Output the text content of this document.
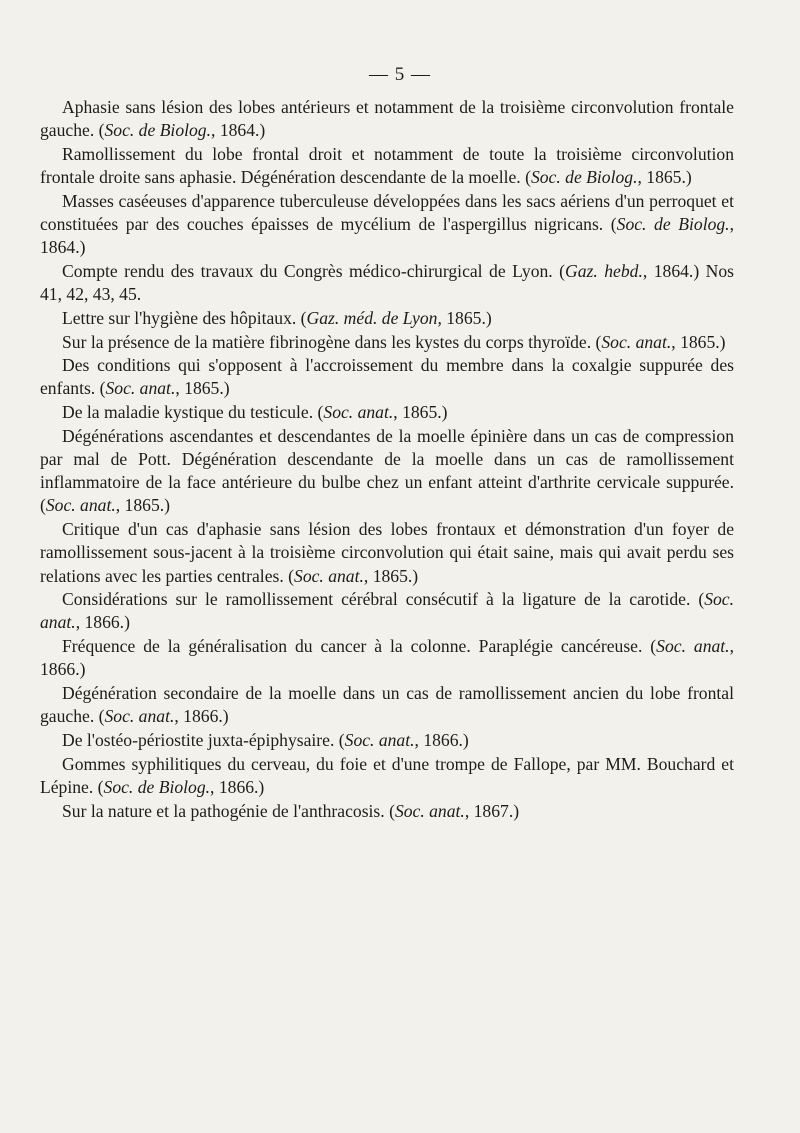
— 5 —

Aphasie sans lésion des lobes antérieurs et notamment de la troisième circonvolution frontale gauche. (Soc. de Biolog., 1864.)

Ramollissement du lobe frontal droit et notamment de toute la troisième circonvolution frontale droite sans aphasie. Dégénération descendante de la moelle. (Soc. de Biolog., 1865.)

Masses caséeuses d'apparence tuberculeuse développées dans les sacs aériens d'un perroquet et constituées par des couches épaisses de mycélium de l'aspergillus nigricans. (Soc. de Biolog., 1864.)

Compte rendu des travaux du Congrès médico-chirurgical de Lyon. (Gaz. hebd., 1864.) Nos 41, 42, 43, 45.

Lettre sur l'hygiène des hôpitaux. (Gaz. méd. de Lyon, 1865.)

Sur la présence de la matière fibrinogène dans les kystes du corps thyroïde. (Soc. anat., 1865.)

Des conditions qui s'opposent à l'accroissement du membre dans la coxalgie suppurée des enfants. (Soc. anat., 1865.)

De la maladie kystique du testicule. (Soc. anat., 1865.)

Dégénérations ascendantes et descendantes de la moelle épinière dans un cas de compression par mal de Pott. Dégénération descendante de la moelle dans un cas de ramollissement inflammatoire de la face antérieure du bulbe chez un enfant atteint d'arthrite cervicale suppurée. (Soc. anat., 1865.)

Critique d'un cas d'aphasie sans lésion des lobes frontaux et démonstration d'un foyer de ramollissement sous-jacent à la troisième circonvolution qui était saine, mais qui avait perdu ses relations avec les parties centrales. (Soc. anat., 1865.)

Considérations sur le ramollissement cérébral consécutif à la ligature de la carotide. (Soc. anat., 1866.)

Fréquence de la généralisation du cancer à la colonne. Paraplégie cancéreuse. (Soc. anat., 1866.)

Dégénération secondaire de la moelle dans un cas de ramollissement ancien du lobe frontal gauche. (Soc. anat., 1866.)

De l'ostéo-périostite juxta-épiphysaire. (Soc. anat., 1866.)

Gommes syphilitiques du cerveau, du foie et d'une trompe de Fallope, par MM. Bouchard et Lépine. (Soc. de Biolog., 1866.)

Sur la nature et la pathogénie de l'anthracosis. (Soc. anat., 1867.)
